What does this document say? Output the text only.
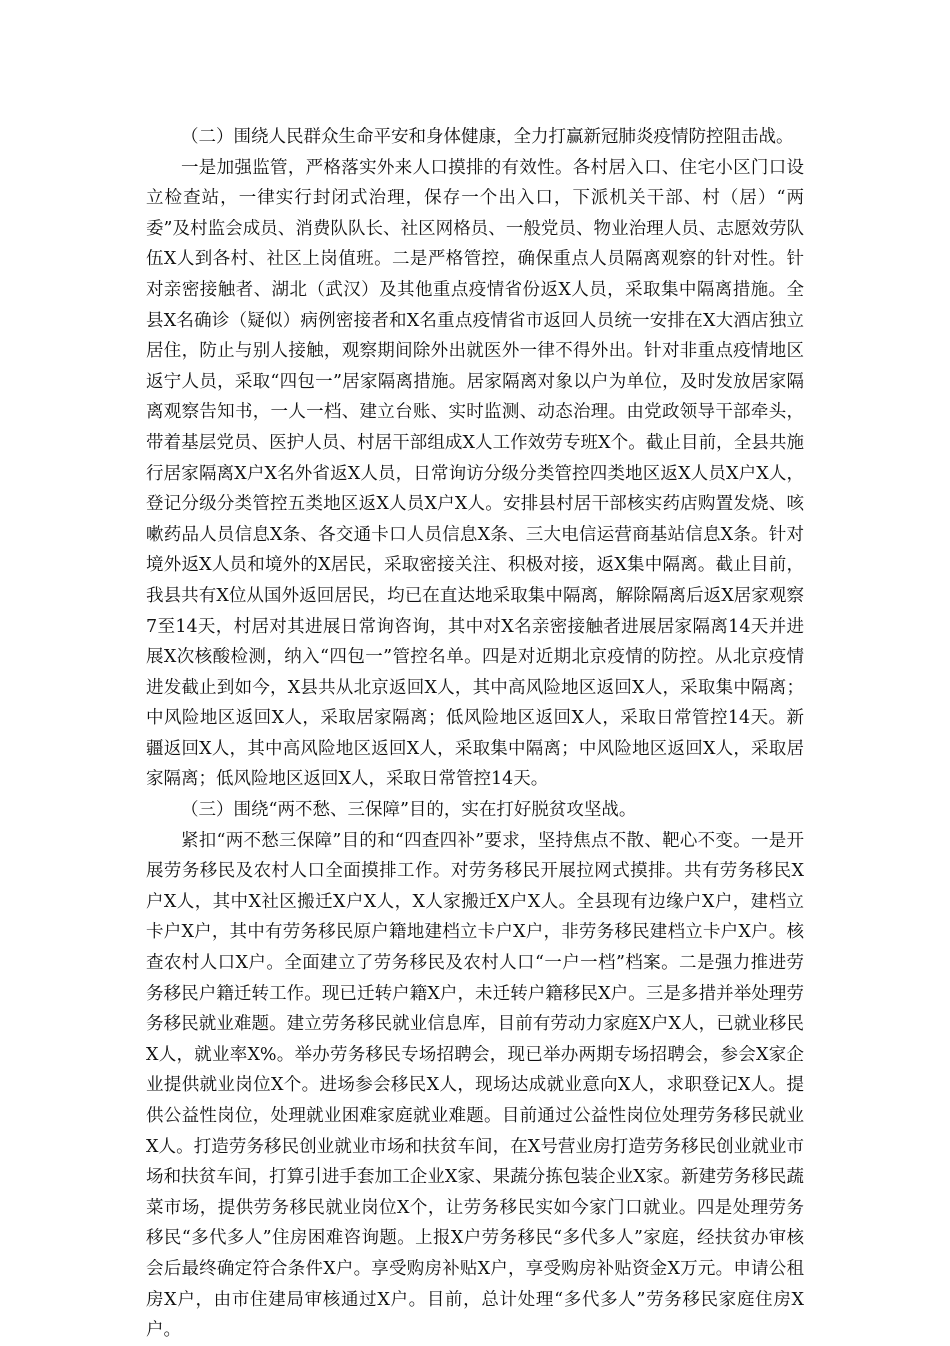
（二）围绕人民群众生命平安和身体健康，全力打赢新冠肺炎疫情防控阻击战。

一是加强监管，严格落实外来人口摸排的有效性。各村居入口、住宅小区门口设立检查站，一律实行封闭式治理，保存一个出入口，下派机关干部、村（居）“两委”及村监会成员、消费队队长、社区网格员、一般党员、物业治理人员、志愿效劳队伍X人到各村、社区上岗值班。二是严格管控，确保重点人员隔离观察的针对性。针对亲密接触者、湖北（武汉）及其他重点疫情省份返X人员，采取集中隔离措施。全县X名确诊（疑似）病例密接者和X名重点疫情省市返回人员统一安排在X大酒店独立居住，防止与别人接触，观察期间除外出就医外一律不得外出。针对非重点疫情地区返宁人员，采取“四包一”居家隔离措施。居家隔离对象以户为单位，及时发放居家隔离观察告知书，一人一档、建立台账、实时监测、动态治理。由党政领导干部牵头，带着基层党员、医护人员、村居干部组成X人工作效劳专班X个。截止目前，全县共施行居家隔离X户X名外省返X人员，日常询访分级分类管控四类地区返X人员X户X人，登记分级分类管控五类地区返X人员X户X人。安排县村居干部核实药店购置发烧、咳嗽药品人员信息X条、各交通卡口人员信息X条、三大电信运营商基站信息X条。针对境外返X人员和境外的X居民，采取密接关注、积极对接，返X集中隔离。截止目前，我县共有X位从国外返回居民，均已在直达地采取集中隔离，解除隔离后返X居家观察7至14天，村居对其进展日常询咨询，其中对X名亲密接触者进展居家隔离14天并进展X次核酸检测，纳入“四包一”管控名单。四是对近期北京疫情的防控。从北京疫情进发截止到如今，X县共从北京返回X人，其中高风险地区返回X人，采取集中隔离；中风险地区返回X人，采取居家隔离；低风险地区返回X人，采取日常管控14天。新疆返回X人，其中高风险地区返回X人，采取集中隔离；中风险地区返回X人，采取居家隔离；低风险地区返回X人，采取日常管控14天。

（三）围绕“两不愁、三保障”目的，实在打好脱贫攻坚战。

紧扣“两不愁三保障”目的和“四查四补”要求，坚持焦点不散、靶心不变。一是开展劳务移民及农村人口全面摸排工作。对劳务移民开展拉网式摸排。共有劳务移民X户X人，其中X社区搬迁X户X人，X人家搬迁X户X人。全县现有边缘户X户，建档立卡户X户，其中有劳务移民原户籍地建档立卡户X户，非劳务移民建档立卡户X户。核查农村人口X户。全面建立了劳务移民及农村人口“一户一档”档案。二是强力推进劳务移民户籍迁转工作。现已迁转户籍X户，未迁转户籍移民X户。三是多措并举处理劳务移民就业难题。建立劳务移民就业信息库，目前有劳动力家庭X户X人，已就业移民X人，就业率X%。举办劳务移民专场招聘会，现已举办两期专场招聘会，参会X家企业提供就业岗位X个。进场参会移民X人，现场达成就业意向X人，求职登记X人。提供公益性岗位，处理就业困难家庭就业难题。目前通过公益性岗位处理劳务移民就业X人。打造劳务移民创业就业市场和扶贫车间，在X号营业房打造劳务移民创业就业市场和扶贫车间，打算引进手套加工企业X家、果蔬分拣包装企业X家。新建劳务移民蔬菜市场，提供劳务移民就业岗位X个，让劳务移民实如今家门口就业。四是处理劳务移民“多代多人”住房困难咨询题。上报X户劳务移民“多代多人”家庭，经扶贫办审核会后最终确定符合条件X户。享受购房补贴X户，享受购房补贴资金X万元。申请公租房X户，由市住建局审核通过X户。目前，总计处理“多代多人”劳务移民家庭住房X户。
